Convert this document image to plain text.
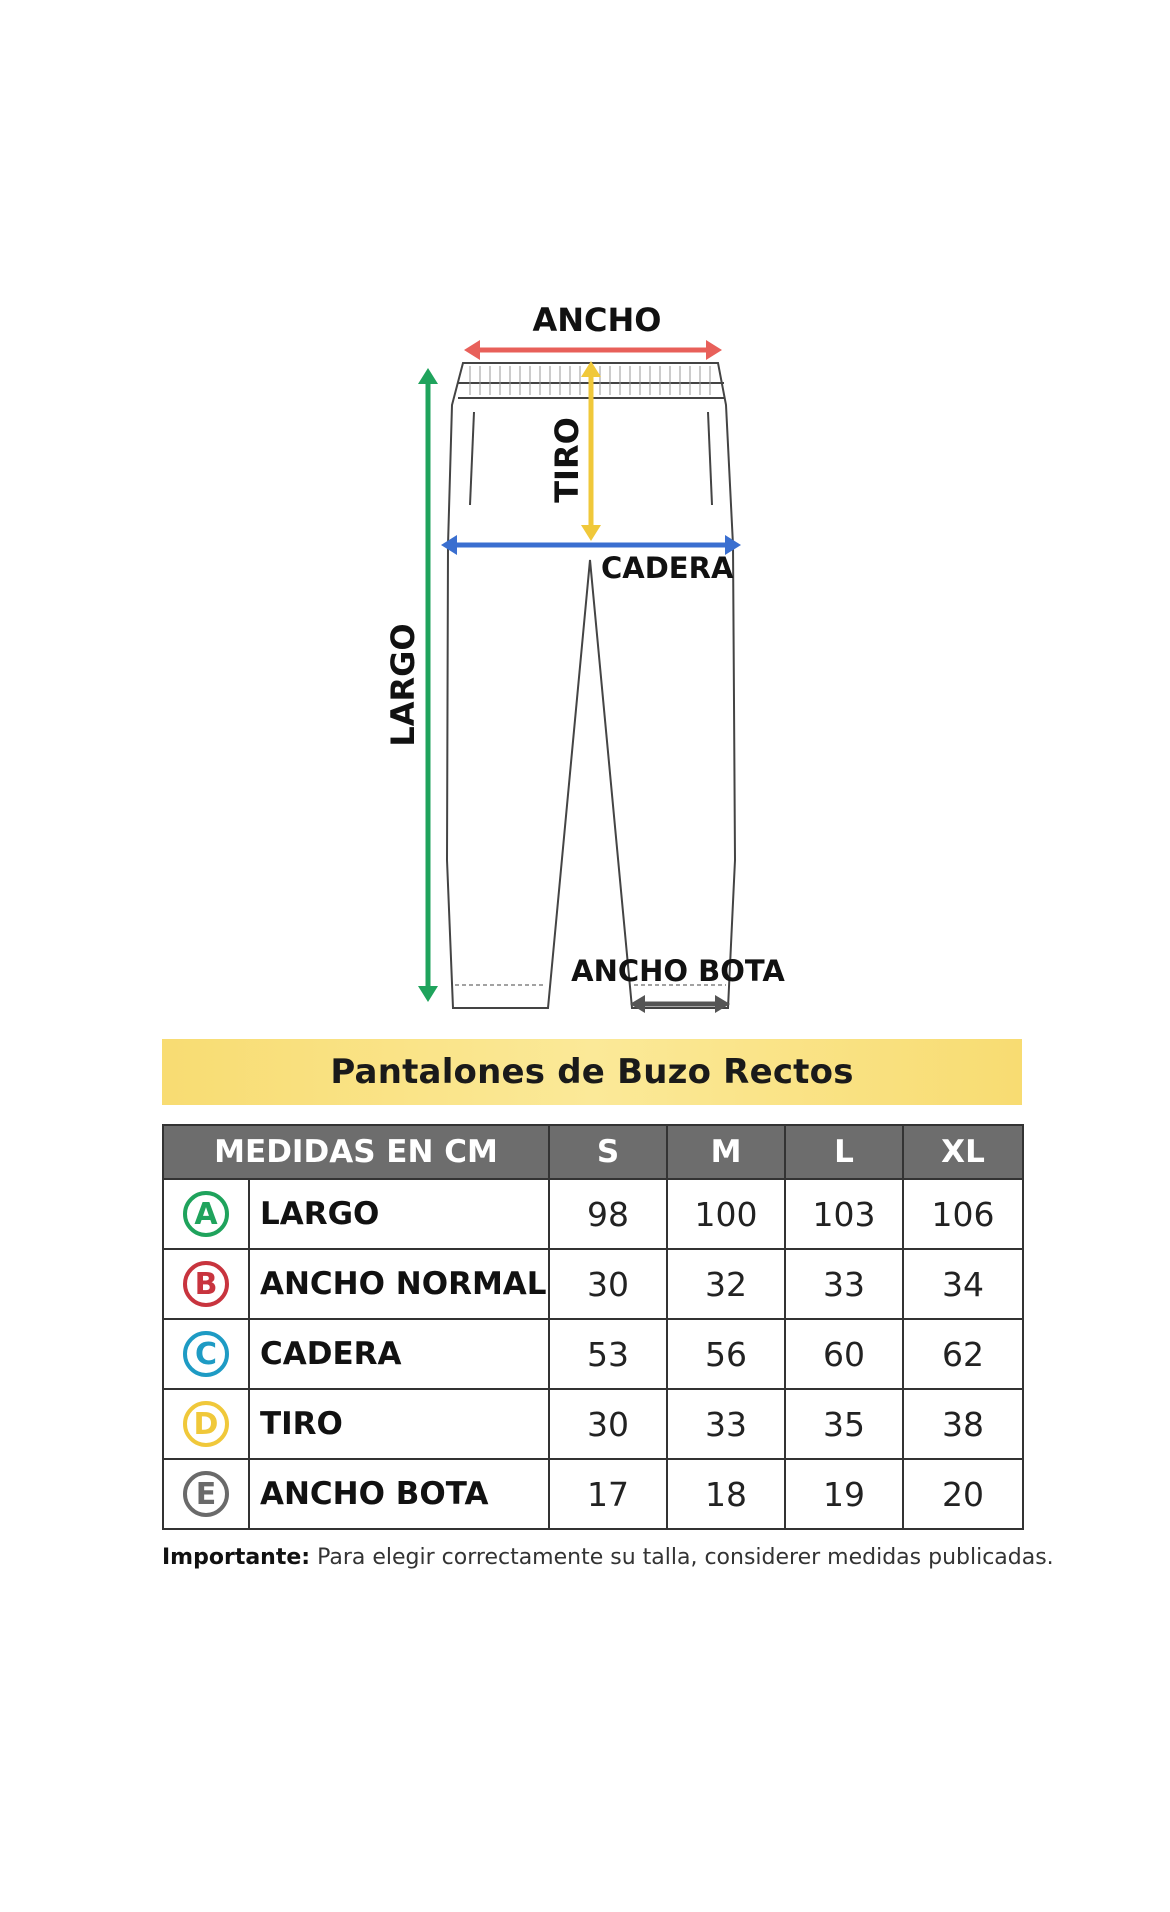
ANCHO
TIRO
CADERA
LARGO
ANCHO BOTA
Pantalones de Buzo Rectos
MEDIDAS EN CM		S	M	L	XL
A	LARGO	98	100	103	106
B	ANCHO NORMAL	30	32	33	34
C	CADERA	53	56	60	62
D	TIRO	30	33	35	38
E	ANCHO BOTA	17	18	19	20
Importante: Para elegir correctamente su talla, considerer medidas publicadas.
